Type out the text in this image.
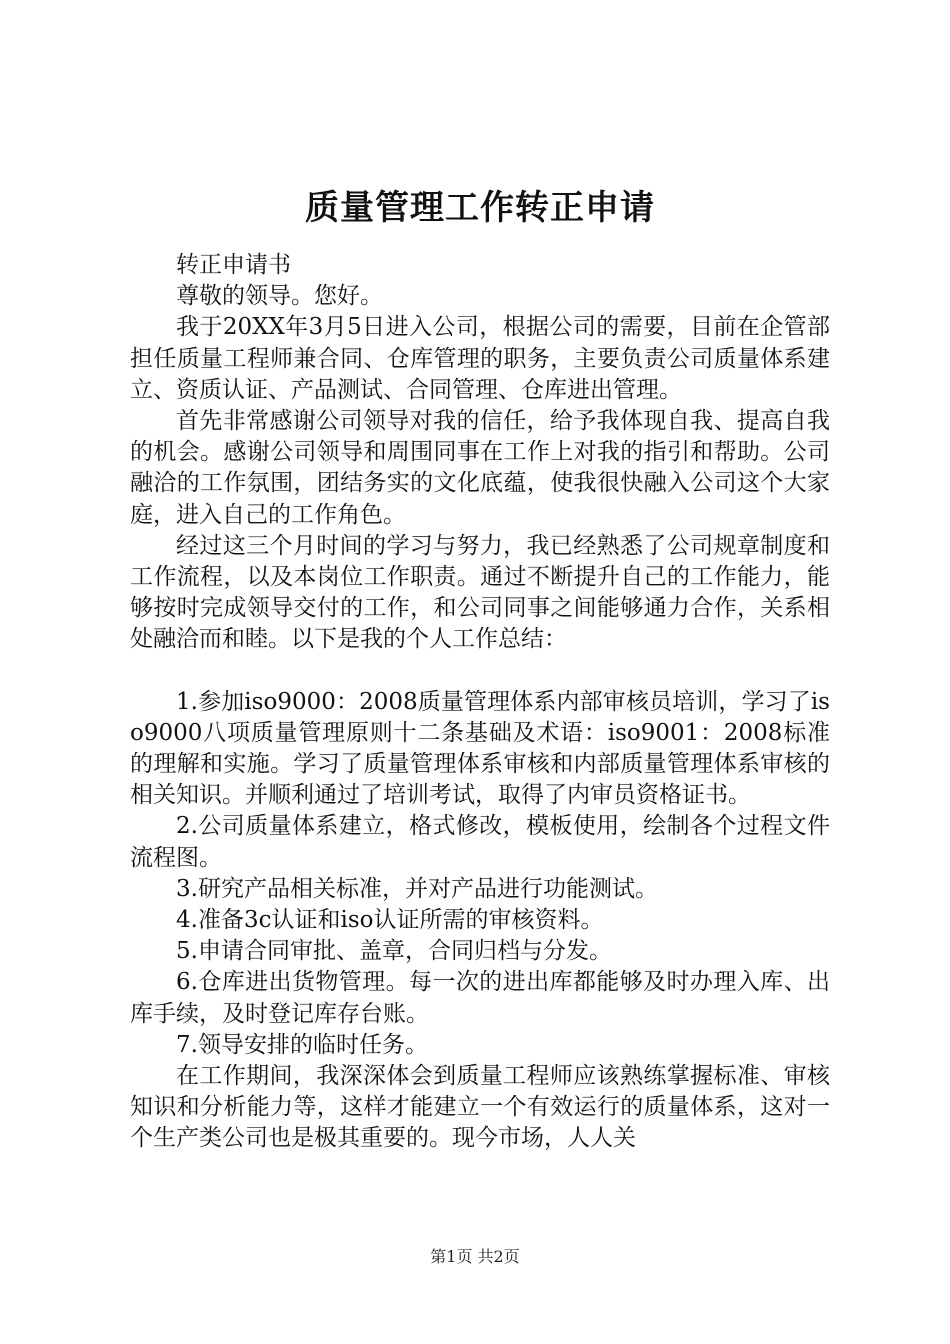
质量管理工作转正申请

转正申请书

尊敬的领导。您好。

我于20XX年3月5日进入公司，根据公司的需要，目前在企管部担任质量工程师兼合同、仓库管理的职务，主要负责公司质量体系建立、资质认证、产品测试、合同管理、仓库进出管理。

首先非常感谢公司领导对我的信任，给予我体现自我、提高自我的机会。感谢公司领导和周围同事在工作上对我的指引和帮助。公司融洽的工作氛围，团结务实的文化底蕴，使我很快融入公司这个大家庭，进入自己的工作角色。

经过这三个月时间的学习与努力，我已经熟悉了公司规章制度和工作流程，以及本岗位工作职责。通过不断提升自己的工作能力，能够按时完成领导交付的工作，和公司同事之间能够通力合作，关系相处融洽而和睦。以下是我的个人工作总结：

1.参加iso9000：2008质量管理体系内部审核员培训，学习了iso9000八项质量管理原则十二条基础及术语：iso9001：2008标准的理解和实施。学习了质量管理体系审核和内部质量管理体系审核的相关知识。并顺利通过了培训考试，取得了内审员资格证书。

2.公司质量体系建立，格式修改，模板使用，绘制各个过程文件流程图。

3.研究产品相关标准，并对产品进行功能测试。

4.准备3c认证和iso认证所需的审核资料。

5.申请合同审批、盖章，合同归档与分发。

6.仓库进出货物管理。每一次的进出库都能够及时办理入库、出库手续，及时登记库存台账。

7.领导安排的临时任务。

在工作期间，我深深体会到质量工程师应该熟练掌握标准、审核知识和分析能力等，这样才能建立一个有效运行的质量体系，这对一个生产类公司也是极其重要的。现今市场，人人关

第1页 共2页
